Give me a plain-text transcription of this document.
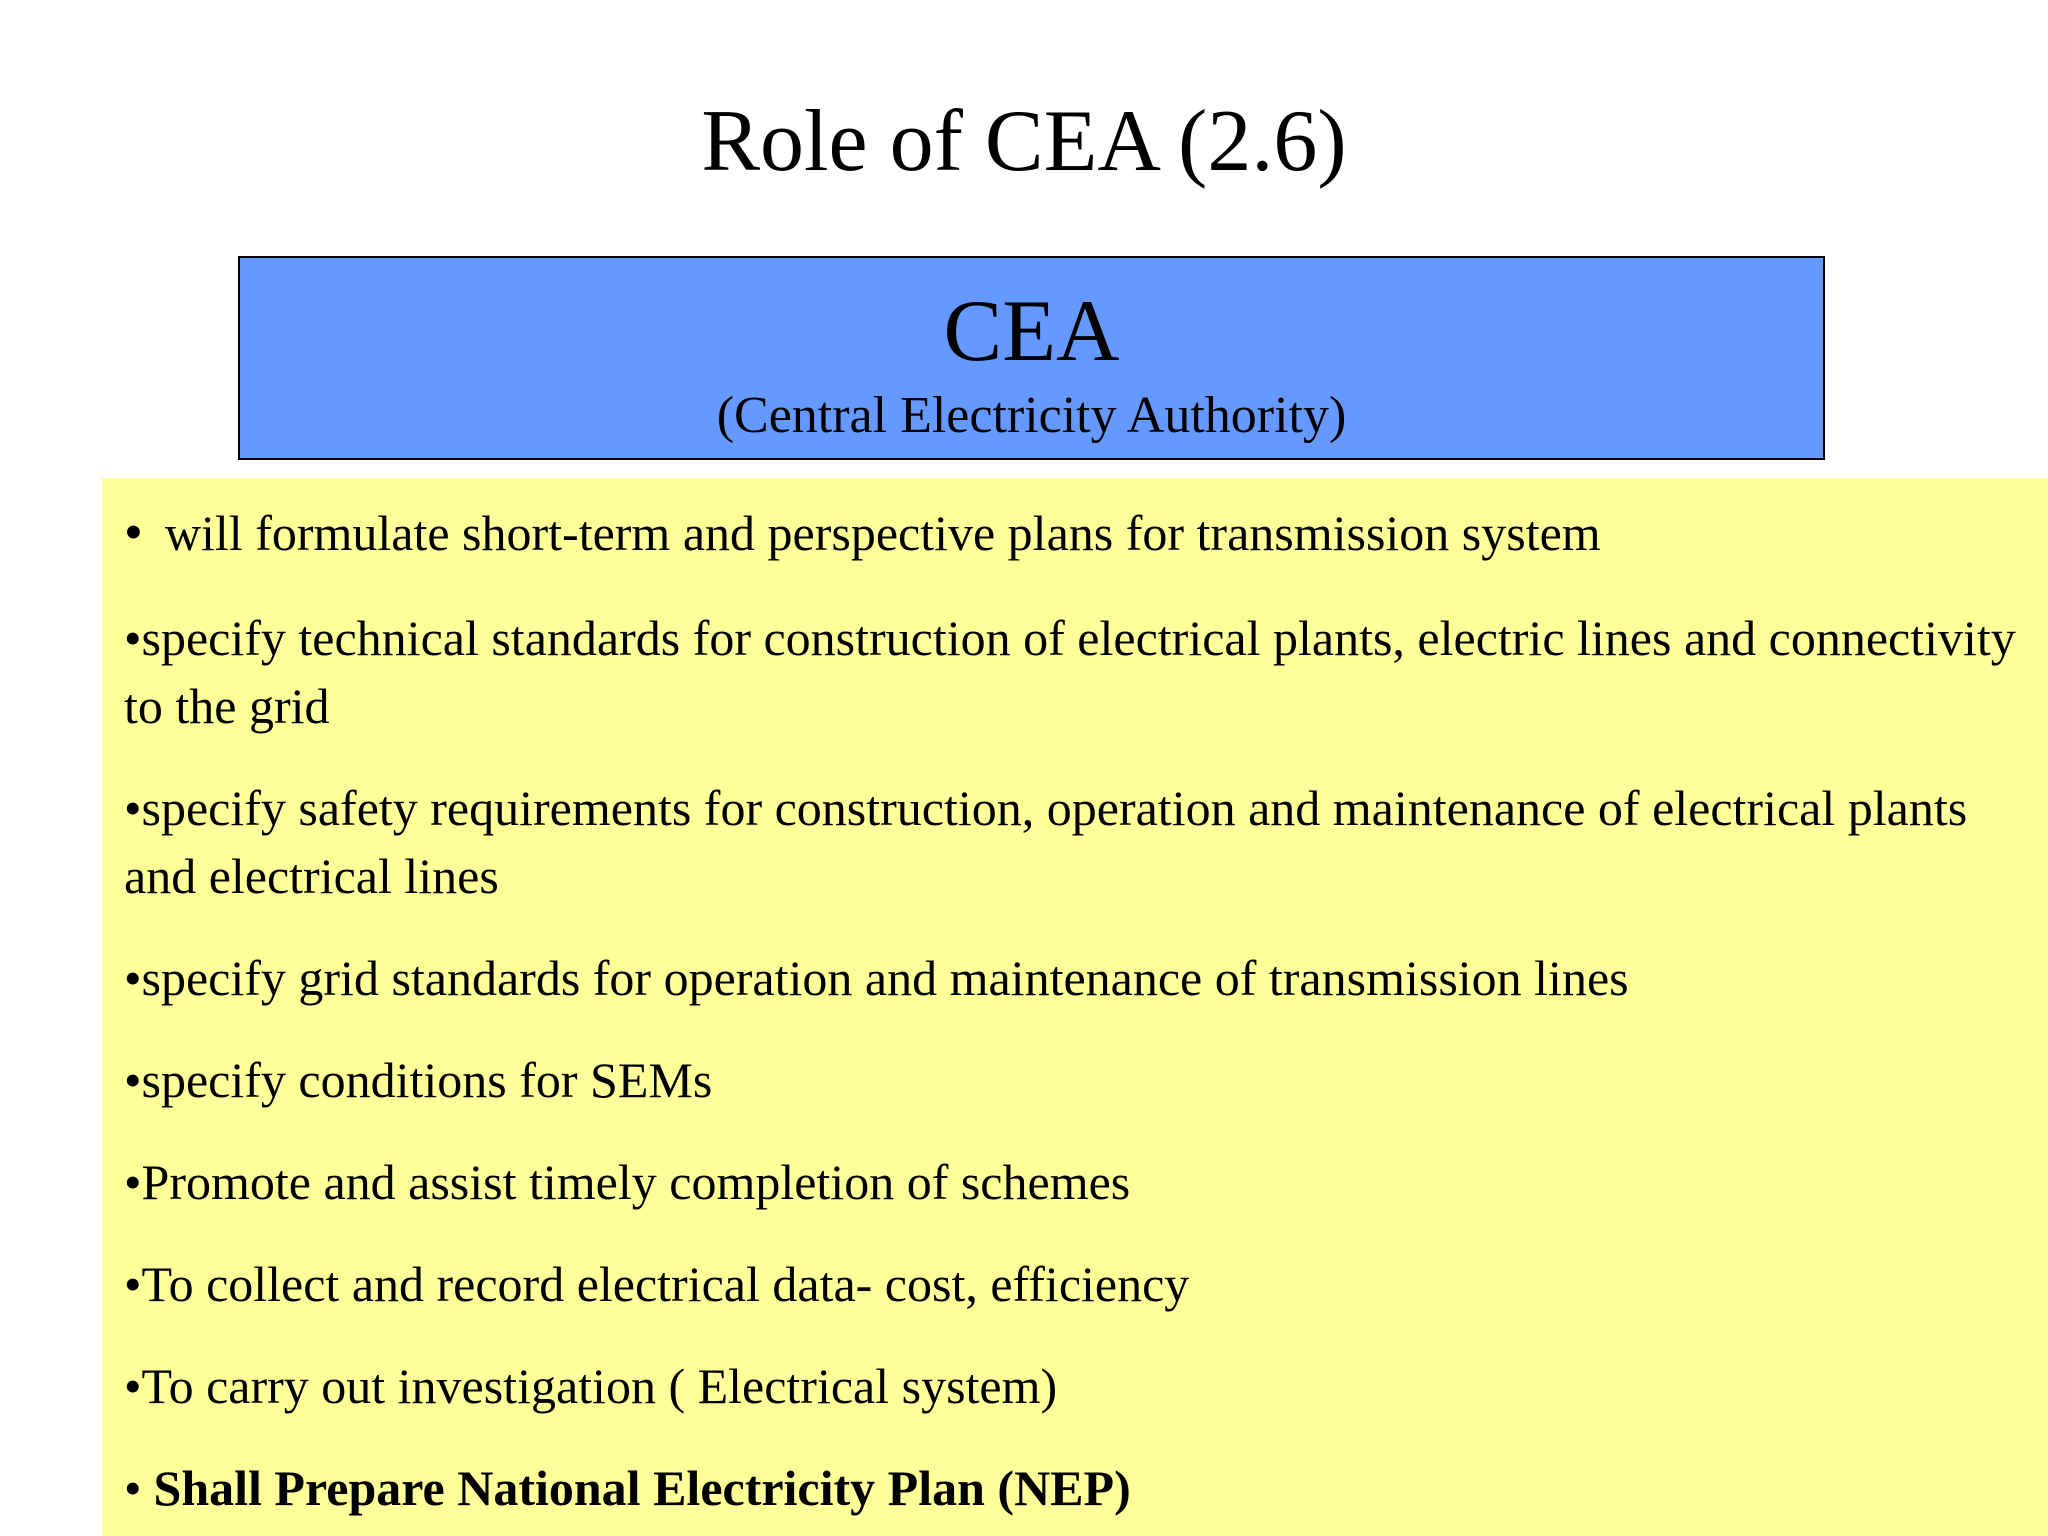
Role of CEA (2.6)
CEA
(Central Electricity Authority)
• will formulate short-term and perspective plans for transmission system
•specify technical standards for construction of electrical plants, electric lines and connectivity to the grid
•specify safety requirements for construction, operation and maintenance of electrical plants and electrical lines
•specify grid standards for operation and maintenance of transmission lines
•specify conditions for SEMs
•Promote and assist timely completion of schemes
•To collect and record electrical data- cost, efficiency
•To carry out investigation ( Electrical system)
• Shall Prepare National Electricity Plan (NEP)
